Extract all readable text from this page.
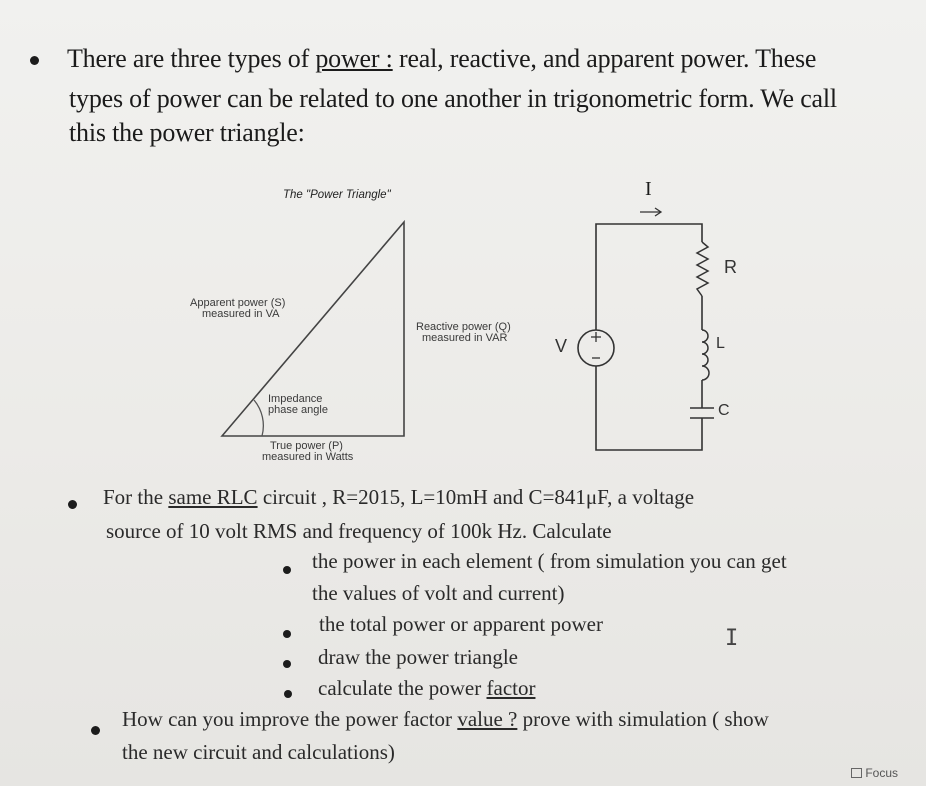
There are three types of power : real, reactive, and apparent power. These
types of power can be related to one another in trigonometric form. We call
this the power triangle:
The "Power Triangle"
Apparent power (S)
measured in VA
Reactive power (Q)
measured in VAR
Impedance
phase angle
True power (P)
measured in Watts
I
V
R
L
C
For the same RLC circuit , R=2015, L=10mH and C=841μF, a voltage
source of 10 volt RMS and frequency of 100k Hz. Calculate
the power in each element ( from simulation you can get
the values of volt and current)
the total power or apparent power
draw the power triangle
calculate the power factor
How can you improve the power factor value ? prove with simulation ( show
the new circuit and calculations)
I
Focus
